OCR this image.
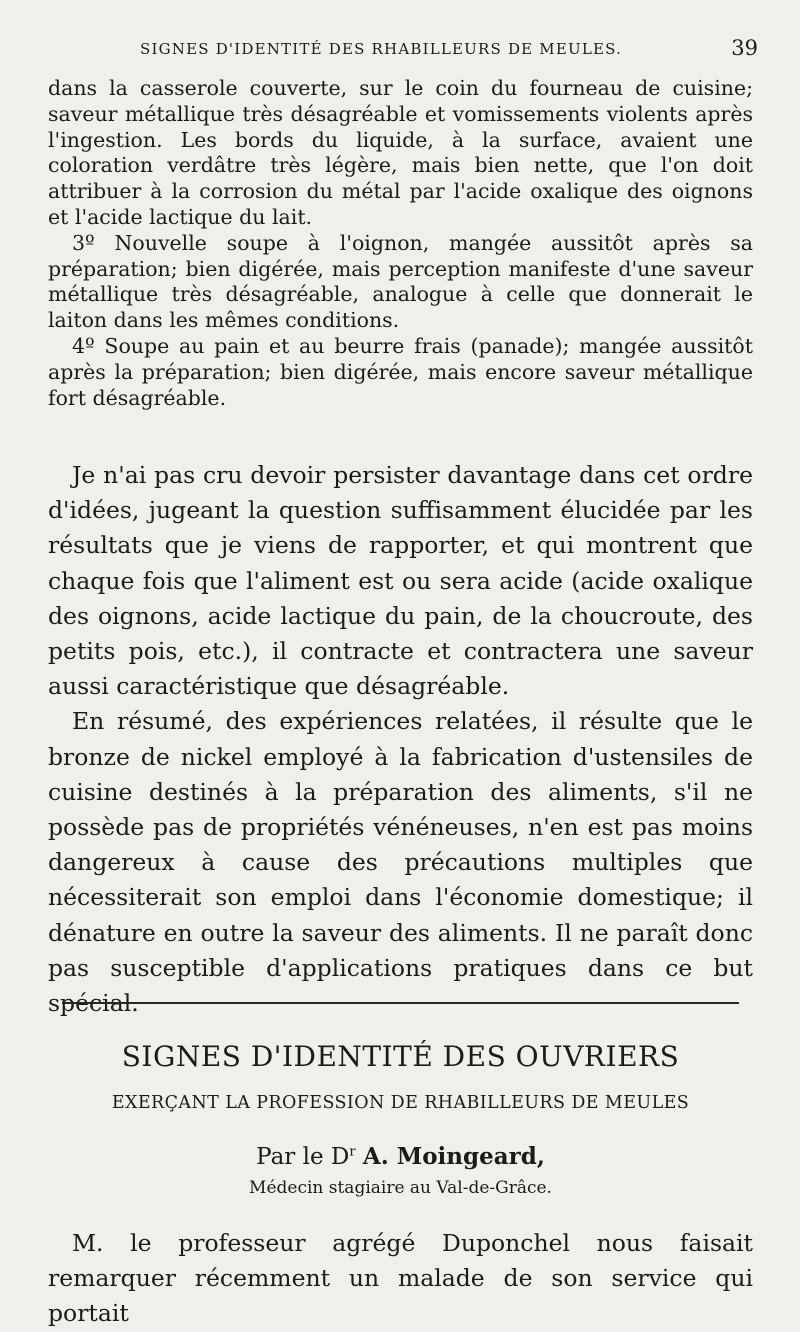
SIGNES D'IDENTITÉ DES RHABILLEURS DE MEULES.	39

dans la casserole couverte, sur le coin du fourneau de cuisine; saveur métallique très désagréable et vomissements violents après l'ingestion. Les bords du liquide, à la surface, avaient une coloration verdâtre très légère, mais bien nette, que l'on doit attribuer à la corrosion du métal par l'acide oxalique des oignons et l'acide lactique du lait.

3º Nouvelle soupe à l'oignon, mangée aussitôt après sa préparation; bien digérée, mais perception manifeste d'une saveur métallique très désagréable, analogue à celle que donnerait le laiton dans les mêmes conditions.

4º Soupe au pain et au beurre frais (panade); mangée aussitôt après la préparation; bien digérée, mais encore saveur métallique fort désagréable.

Je n'ai pas cru devoir persister davantage dans cet ordre d'idées, jugeant la question suffisamment élucidée par les résultats que je viens de rapporter, et qui montrent que chaque fois que l'aliment est ou sera acide (acide oxalique des oignons, acide lactique du pain, de la choucroute, des petits pois, etc.), il contracte et contractera une saveur aussi caractéristique que désagréable.

En résumé, des expériences relatées, il résulte que le bronze de nickel employé à la fabrication d'ustensiles de cuisine destinés à la préparation des aliments, s'il ne possède pas de propriétés vénéneuses, n'en est pas moins dangereux à cause des précautions multiples que nécessiterait son emploi dans l'économie domestique; il dénature en outre la saveur des aliments. Il ne paraît donc pas susceptible d'applications pratiques dans ce but spécial.

SIGNES D'IDENTITÉ DES OUVRIERS
EXERÇANT LA PROFESSION DE RHABILLEURS DE MEULES
Par le $D^r$ A. Moingeard,
Médecin stagiaire au Val-de-Grâce.

M. le professeur agrégé Duponchel nous faisait remarquer récemment un malade de son service qui portait
